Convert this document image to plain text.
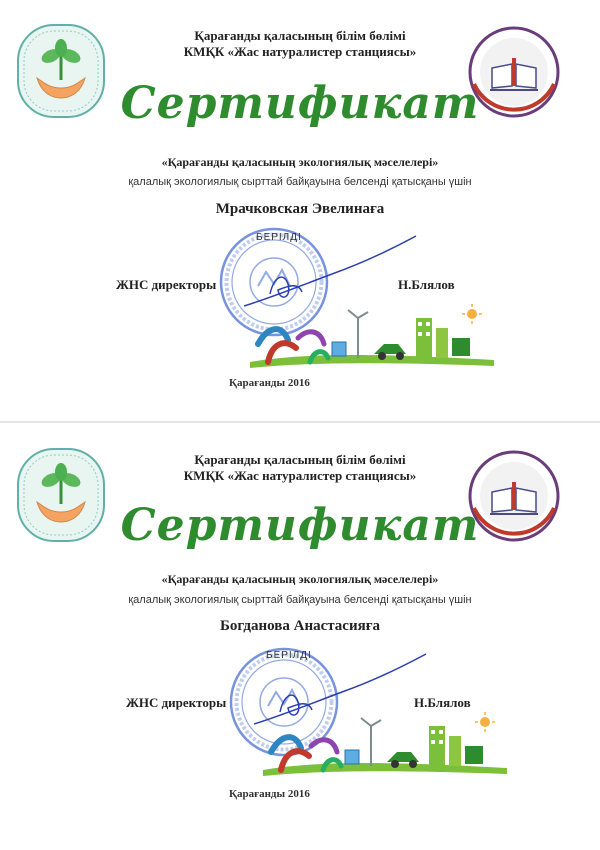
Қарағанды қаласының білім бөлімі
КМҚК «Жас натуралистер станциясы»
Сертификат
«Қарағанды қаласының экологиялық мәселелері»
қалалық экологиялық сырттай байқауына белсенді қатысқаны үшін
Мрачковская Эвелинаға
БЕРІЛДІ
ЖНС директоры	Н.Блялов
Қарағанды 2016
Қарағанды қаласының білім бөлімі
КМҚК «Жас натуралистер станциясы»
Сертификат
«Қарағанды қаласының экологиялық мәселелері»
қалалық экологиялық сырттай байқауына белсенді қатысқаны үшін
Богданова Анастасияға
БЕРІЛДІ
ЖНС директоры	Н.Блялов
Қарағанды 2016
